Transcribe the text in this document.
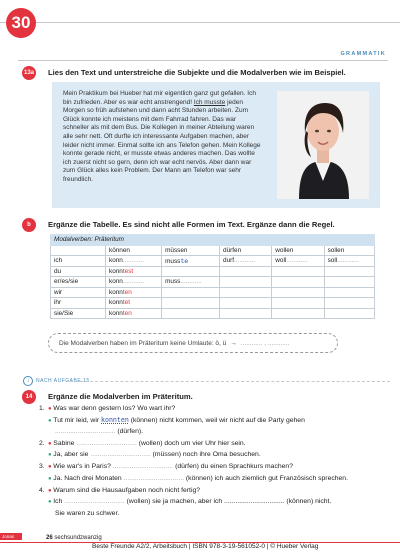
30
GRAMMATIK
13a Lies den Text und unterstreiche die Subjekte und die Modalverben wie im Beispiel.
Mein Praktikum bei Hueber hat mir eigentlich ganz gut gefallen. Ich bin zufrieden. Aber es war echt anstrengend! Ich musste jeden Morgen so früh aufstehen und dann acht Stunden arbeiten. Zum Glück konnte ich meistens mit dem Fahrrad fahren. Das war schneller als mit dem Bus. Die Kollegen in meiner Abteilung waren alle sehr nett. Oft durfte ich interessante Aufgaben machen, aber leider nicht immer. Einmal sollte ich ans Telefon gehen. Mein Kollege konnte gerade nicht, er musste etwas anderes machen. Das wollte ich zuerst nicht so gern, denn ich war echt nervös. Aber dann war zum Glück alles kein Problem. Der Mann am Telefon war sehr freundlich.
b	Ergänze die Tabelle. Es sind nicht alle Formen im Text. Ergänze dann die Regel.
Modalverben: Präteritum					
	können	müssen	dürfen	wollen	sollen
ich	konn............	musste	durf............	woll............	soll............
du	konntest				
er/es/sie	konn............	muss............			
wir	konnten				
ihr	konntet				
sie/Sie	konnten				
Die Modalverben haben im Präteritum keine Umlaute: ö, ü → ............ , ............
↓	NACH AUFGABE 15
14	Ergänze die Modalverben im Präteritum.
1. ● Was war denn gestern los? Wo wart ihr?
● Tut mir leid, wir konnten (können) nicht kommen, weil wir nicht auf die Party gehen
................................ (dürfen).
2. ● Sabine ................................ (wollen) doch um vier Uhr hier sein.
● Ja, aber sie ................................ (müssen) noch ihre Oma besuchen.
3. ● Wie war's in Paris? ................................ (dürfen) du einen Sprachkurs machen?
● Ja. Nach drei Monaten ................................ (können) ich auch ziemlich gut Französisch sprechen.
4. ● Warum sind die Hausaufgaben noch nicht fertig?
● Ich ................................ (wollen) sie ja machen, aber ich ................................ (können) nicht.
Sie waren zu schwer.
Jonas	26 sechsundzwanzig
Beste Freunde A2/2, Arbeitsbuch | ISBN 978-3-19-561052-0 | © Hueber Verlag
